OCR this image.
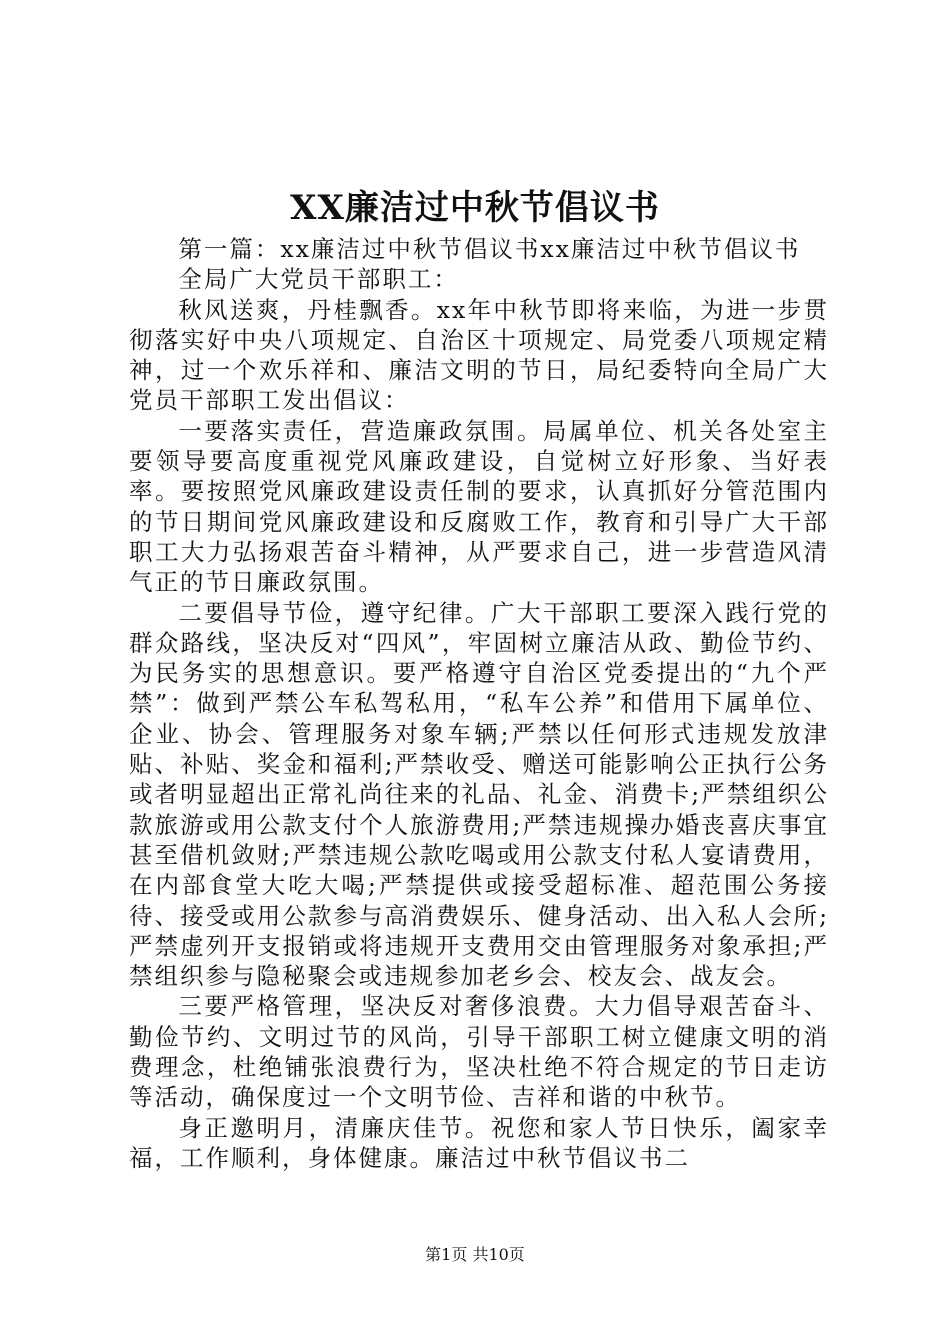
XX廉洁过中秋节倡议书

第一篇：xx廉洁过中秋节倡议书xx廉洁过中秋节倡议书

全局广大党员干部职工：

秋风送爽，丹桂飘香。xx年中秋节即将来临，为进一步贯彻落实好中央八项规定、自治区十项规定、局党委八项规定精神，过一个欢乐祥和、廉洁文明的节日，局纪委特向全局广大党员干部职工发出倡议：

一要落实责任，营造廉政氛围。局属单位、机关各处室主要领导要高度重视党风廉政建设，自觉树立好形象、当好表率。要按照党风廉政建设责任制的要求，认真抓好分管范围内的节日期间党风廉政建设和反腐败工作，教育和引导广大干部职工大力弘扬艰苦奋斗精神，从严要求自己，进一步营造风清气正的节日廉政氛围。

二要倡导节俭，遵守纪律。广大干部职工要深入践行党的群众路线，坚决反对“四风”，牢固树立廉洁从政、勤俭节约、为民务实的思想意识。要严格遵守自治区党委提出的“九个严禁”：做到严禁公车私驾私用，“私车公养”和借用下属单位、企业、协会、管理服务对象车辆;严禁以任何形式违规发放津贴、补贴、奖金和福利;严禁收受、赠送可能影响公正执行公务或者明显超出正常礼尚往来的礼品、礼金、消费卡;严禁组织公款旅游或用公款支付个人旅游费用;严禁违规操办婚丧喜庆事宜甚至借机敛财;严禁违规公款吃喝或用公款支付私人宴请费用，在内部食堂大吃大喝;严禁提供或接受超标准、超范围公务接待、接受或用公款参与高消费娱乐、健身活动、出入私人会所;严禁虚列开支报销或将违规开支费用交由管理服务对象承担;严禁组织参与隐秘聚会或违规参加老乡会、校友会、战友会。

三要严格管理，坚决反对奢侈浪费。大力倡导艰苦奋斗、勤俭节约、文明过节的风尚，引导干部职工树立健康文明的消费理念，杜绝铺张浪费行为，坚决杜绝不符合规定的节日走访等活动，确保度过一个文明节俭、吉祥和谐的中秋节。

身正邀明月，清廉庆佳节。祝您和家人节日快乐，阖家幸福，工作顺利，身体健康。廉洁过中秋节倡议书二

第1页 共10页
